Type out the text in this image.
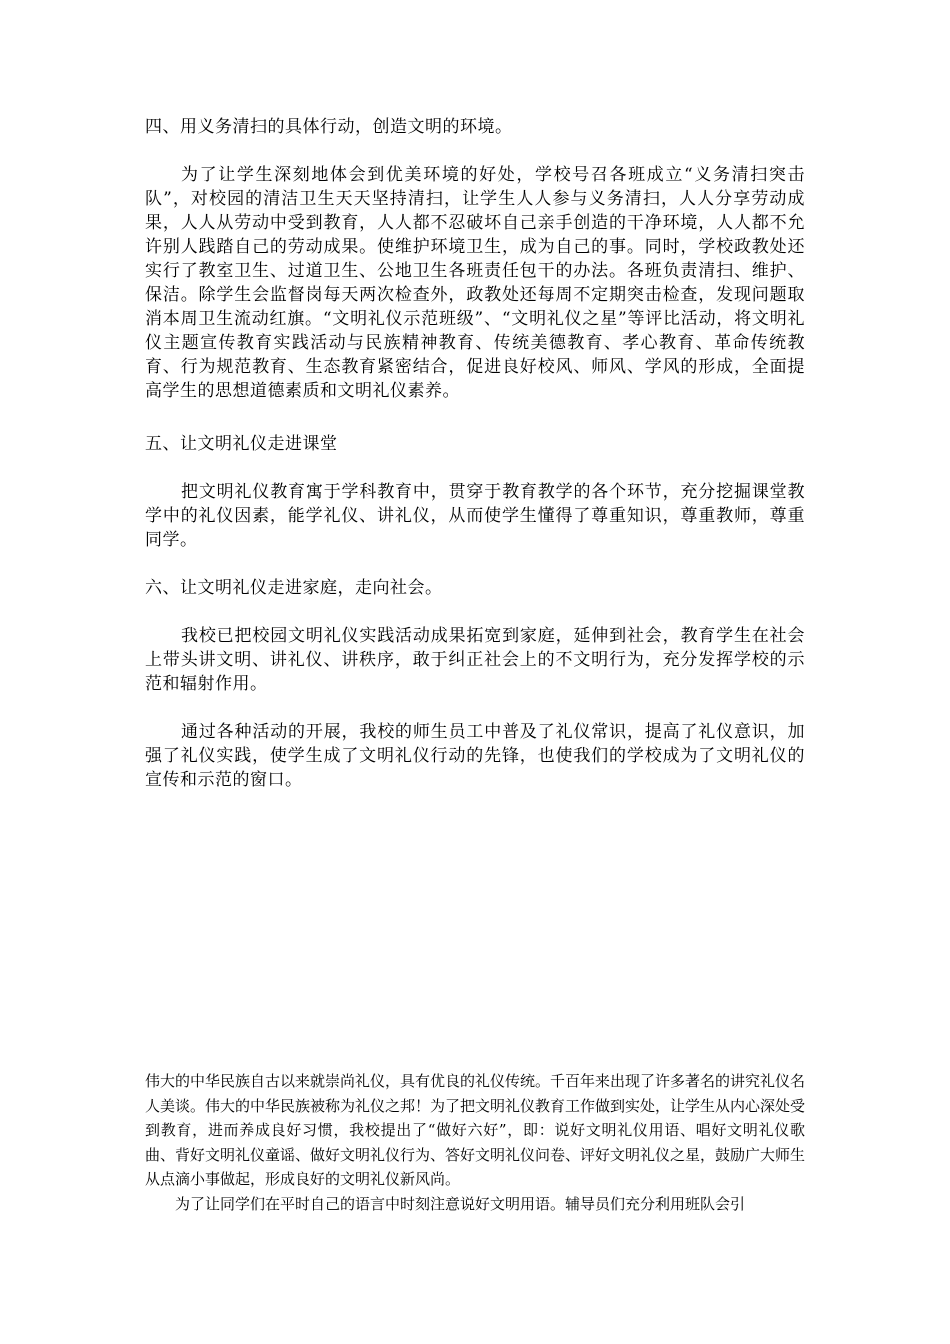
四、用义务清扫的具体行动，创造文明的环境。

为了让学生深刻地体会到优美环境的好处，学校号召各班成立“义务清扫突击队”，对校园的清洁卫生天天坚持清扫，让学生人人参与义务清扫，人人分享劳动成果，人人从劳动中受到教育，人人都不忍破坏自己亲手创造的干净环境，人人都不允许别人践踏自己的劳动成果。使维护环境卫生，成为自己的事。同时，学校政教处还实行了教室卫生、过道卫生、公地卫生各班责任包干的办法。各班负责清扫、维护、保洁。除学生会监督岗每天两次检查外，政教处还每周不定期突击检查，发现问题取消本周卫生流动红旗。“文明礼仪示范班级”、“文明礼仪之星”等评比活动，将文明礼仪主题宣传教育实践活动与民族精神教育、传统美德教育、孝心教育、革命传统教育、行为规范教育、生态教育紧密结合，促进良好校风、师风、学风的形成，全面提高学生的思想道德素质和文明礼仪素养。

五、让文明礼仪走进课堂

把文明礼仪教育寓于学科教育中，贯穿于教育教学的各个环节，充分挖掘课堂教学中的礼仪因素，能学礼仪、讲礼仪，从而使学生懂得了尊重知识，尊重教师，尊重同学。

六、让文明礼仪走进家庭，走向社会。

我校已把校园文明礼仪实践活动成果拓宽到家庭，延伸到社会，教育学生在社会上带头讲文明、讲礼仪、讲秩序，敢于纠正社会上的不文明行为，充分发挥学校的示范和辐射作用。

通过各种活动的开展，我校的师生员工中普及了礼仪常识，提高了礼仪意识，加强了礼仪实践，使学生成了文明礼仪行动的先锋，也使我们的学校成为了文明礼仪的宣传和示范的窗口。

伟大的中华民族自古以来就崇尚礼仪，具有优良的礼仪传统。千百年来出现了许多著名的讲究礼仪名人美谈。伟大的中华民族被称为礼仪之邦！为了把文明礼仪教育工作做到实处，让学生从内心深处受到教育，进而养成良好习惯，我校提出了“做好六好”，即：说好文明礼仪用语、唱好文明礼仪歌曲、背好文明礼仪童谣、做好文明礼仪行为、答好文明礼仪问卷、评好文明礼仪之星，鼓励广大师生从点滴小事做起，形成良好的文明礼仪新风尚。

为了让同学们在平时自己的语言中时刻注意说好文明用语。辅导员们充分利用班队会引
